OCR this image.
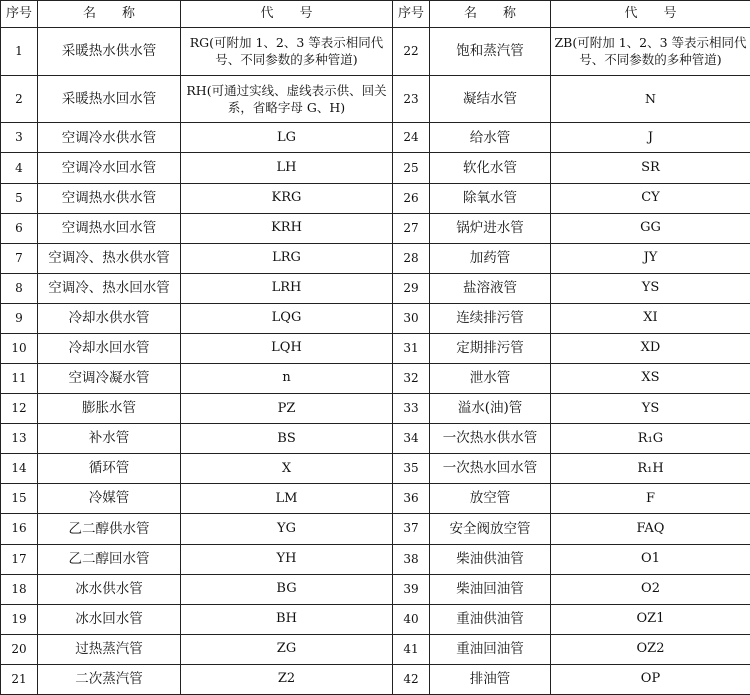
序号	名　　称	代　　号	序号	名　　称	代　　号
1	采暖热水供水管	RG(可附加 1、2、3 等表示相同代号、不同参数的多种管道)	22	饱和蒸汽管	ZB(可附加 1、2、3 等表示相同代号、不同参数的多种管道)
2	采暖热水回水管	RH(可通过实线、虚线表示供、回关系，省略字母 G、H)	23	凝结水管	N
3	空调冷水供水管	LG	24	给水管	J
4	空调冷水回水管	LH	25	软化水管	SR
5	空调热水供水管	KRG	26	除氧水管	CY
6	空调热水回水管	KRH	27	锅炉进水管	GG
7	空调冷、热水供水管	LRG	28	加药管	JY
8	空调冷、热水回水管	LRH	29	盐溶液管	YS
9	冷却水供水管	LQG	30	连续排污管	XI
10	冷却水回水管	LQH	31	定期排污管	XD
11	空调冷凝水管	n	32	泄水管	XS
12	膨胀水管	PZ	33	溢水(油)管	YS
13	补水管	BS	34	一次热水供水管	R₁G
14	循环管	X	35	一次热水回水管	R₁H
15	冷媒管	LM	36	放空管	F
16	乙二醇供水管	YG	37	安全阀放空管	FAQ
17	乙二醇回水管	YH	38	柴油供油管	O1
18	冰水供水管	BG	39	柴油回油管	O2
19	冰水回水管	BH	40	重油供油管	OZ1
20	过热蒸汽管	ZG	41	重油回油管	OZ2
21	二次蒸汽管	Z2	42	排油管	OP
